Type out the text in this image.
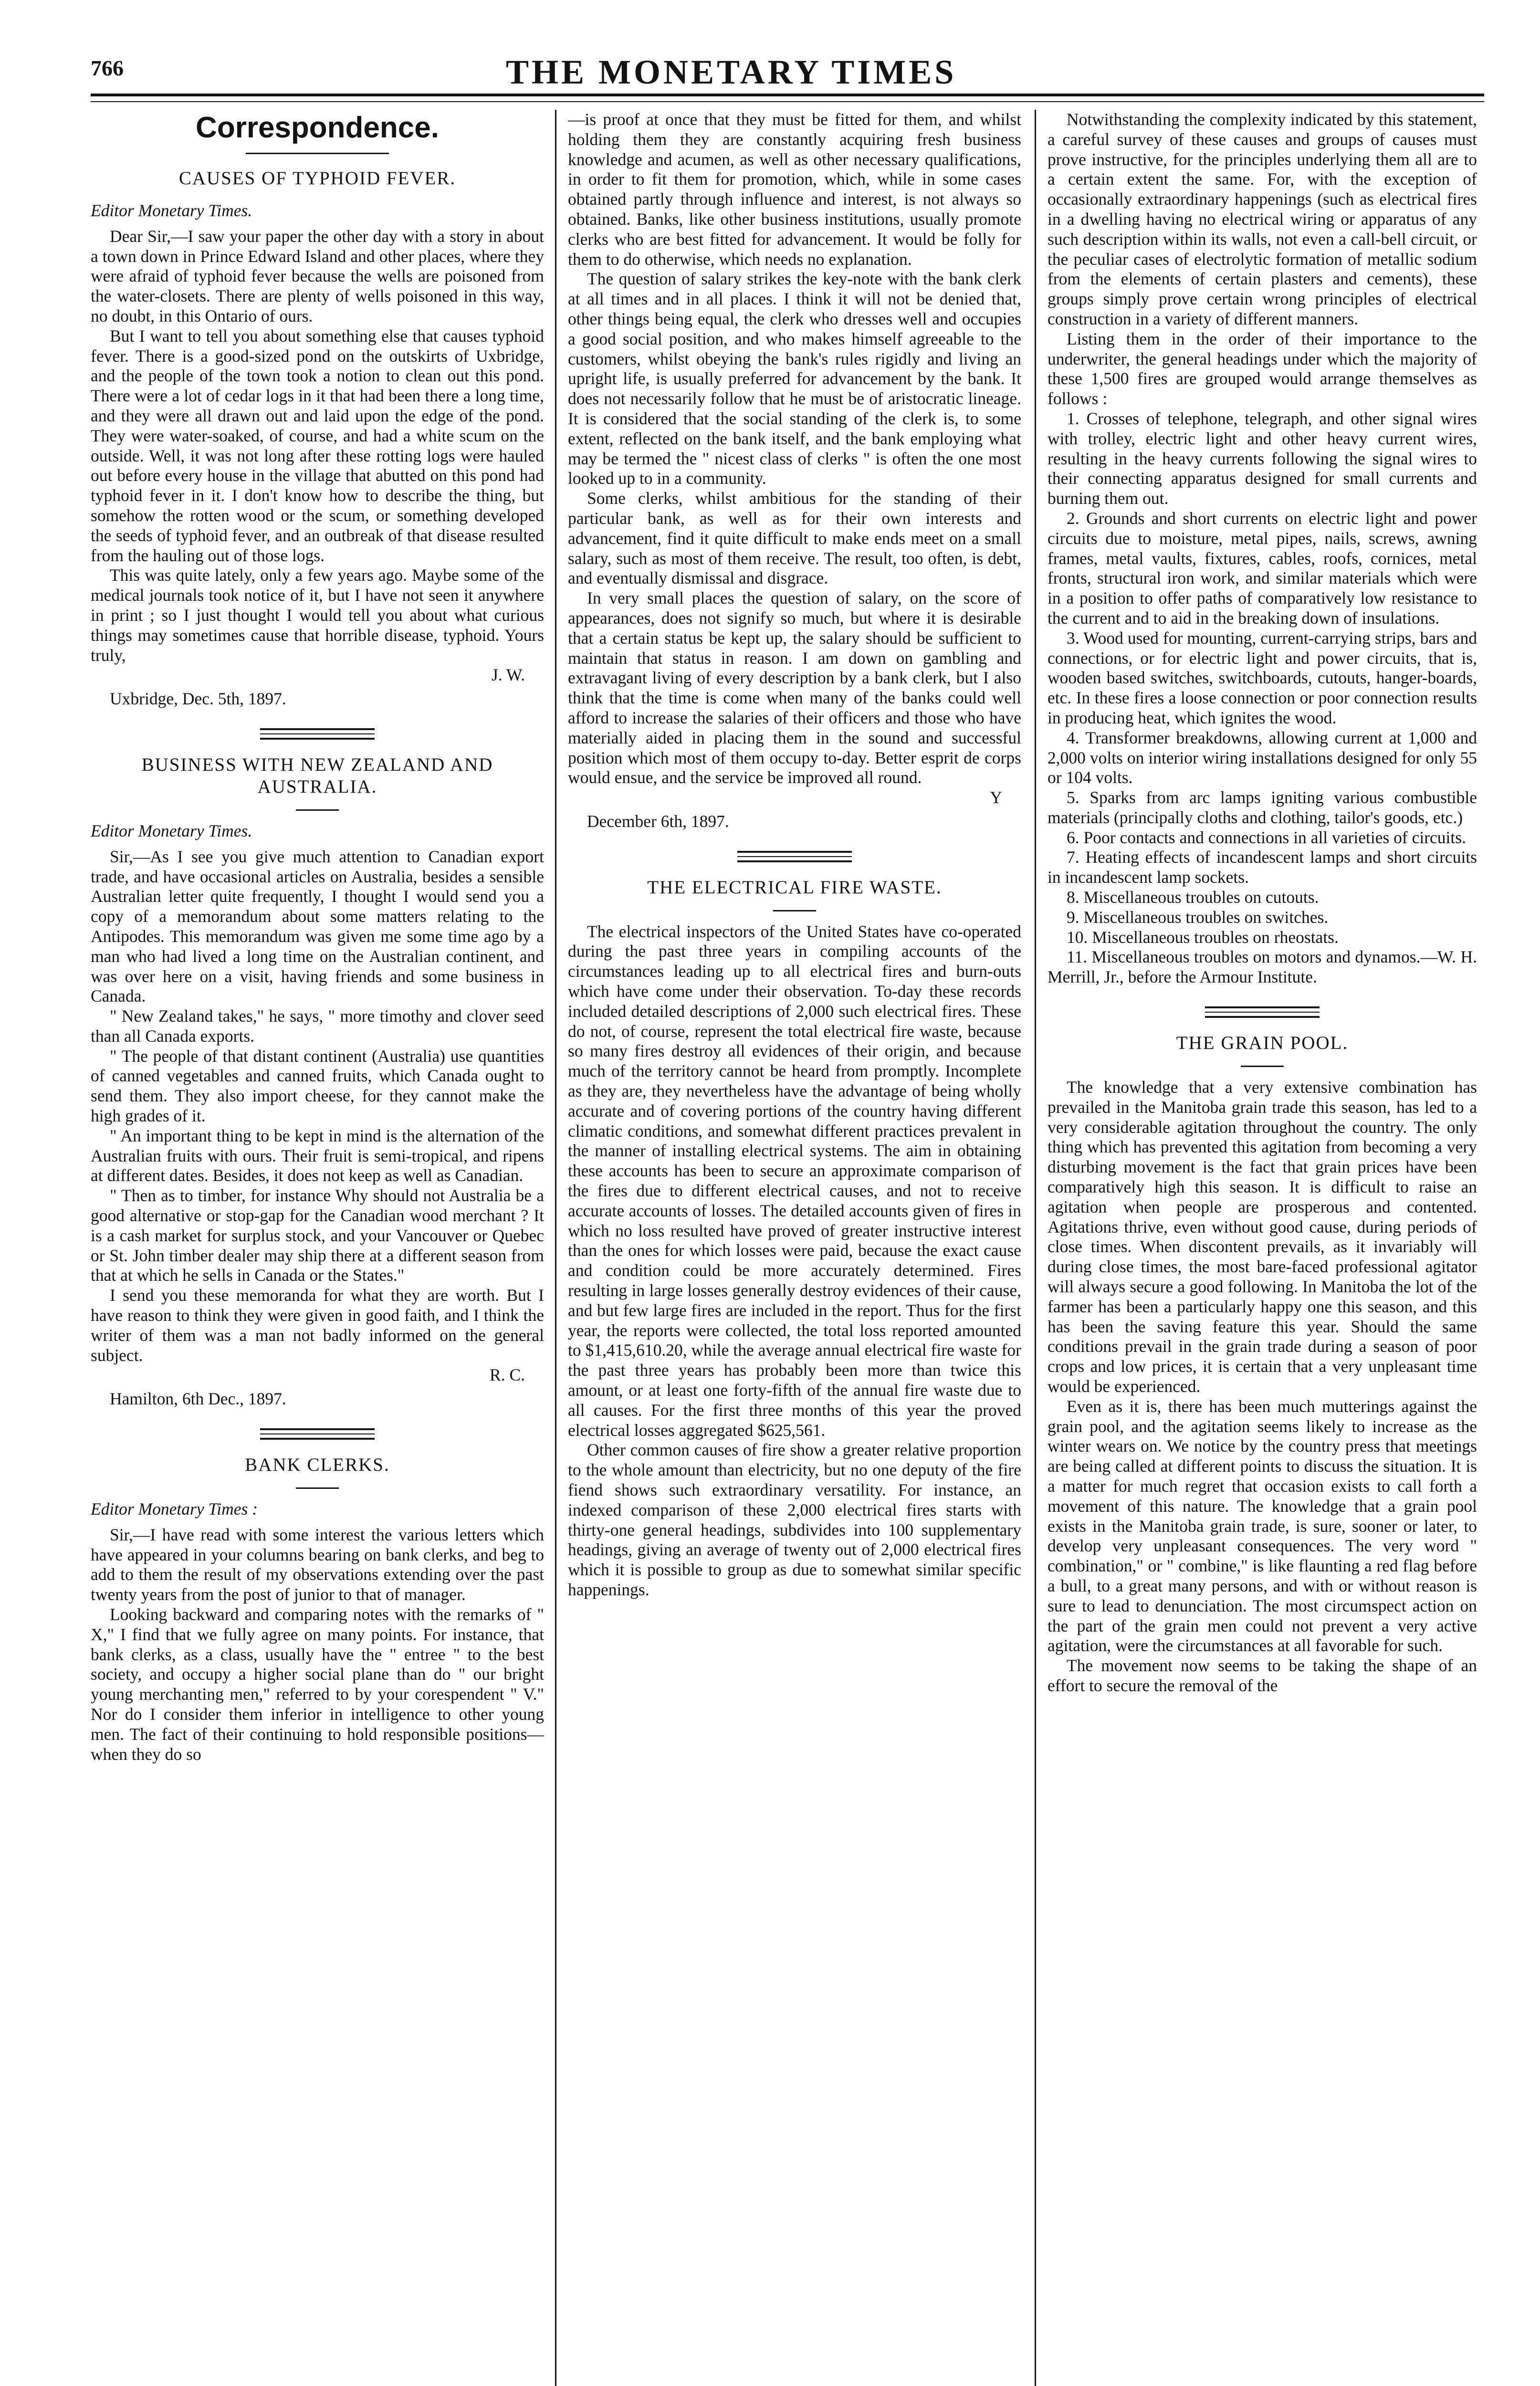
766	THE MONETARY TIMES
Correspondence.
CAUSES OF TYPHOID FEVER.

Editor Monetary Times.

Dear Sir,—I saw your paper the other day with a story in about a town down in Prince Edward Island and other places, where they were afraid of typhoid fever because the wells are poisoned from the water-closets. There are plenty of wells poisoned in this way, no doubt, in this Ontario of ours.

But I want to tell you about something else that causes typhoid fever. There is a good-sized pond on the outskirts of Uxbridge, and the people of the town took a notion to clean out this pond. There were a lot of cedar logs in it that had been there a long time, and they were all drawn out and laid upon the edge of the pond. They were water-soaked, of course, and had a white scum on the outside. Well, it was not long after these rotting logs were hauled out before every house in the village that abutted on this pond had typhoid fever in it. I don't know how to describe the thing, but somehow the rotten wood or the scum, or something developed the seeds of typhoid fever, and an outbreak of that disease resulted from the hauling out of those logs.

This was quite lately, only a few years ago. Maybe some of the medical journals took notice of it, but I have not seen it anywhere in print ; so I just thought I would tell you about what curious things may sometimes cause that horrible disease, typhoid. Yours truly,

J. W.

Uxbridge, Dec. 5th, 1897.

BUSINESS WITH NEW ZEALAND AND AUSTRALIA.

Editor Monetary Times.

Sir,—As I see you give much attention to Canadian export trade, and have occasional articles on Australia, besides a sensible Australian letter quite frequently, I thought I would send you a copy of a memorandum about some matters relating to the Antipodes. This memorandum was given me some time ago by a man who had lived a long time on the Australian continent, and was over here on a visit, having friends and some business in Canada.

" New Zealand takes," he says, " more timothy and clover seed than all Canada exports.

" The people of that distant continent (Australia) use quantities of canned vegetables and canned fruits, which Canada ought to send them. They also import cheese, for they cannot make the high grades of it.

" An important thing to be kept in mind is the alternation of the Australian fruits with ours. Their fruit is semi-tropical, and ripens at different dates. Besides, it does not keep as well as Canadian.

" Then as to timber, for instance Why should not Australia be a good alternative or stop-gap for the Canadian wood merchant ? It is a cash market for surplus stock, and your Vancouver or Quebec or St. John timber dealer may ship there at a different season from that at which he sells in Canada or the States."

I send you these memoranda for what they are worth. But I have reason to think they were given in good faith, and I think the writer of them was a man not badly informed on the general subject.

R. C.

Hamilton, 6th Dec., 1897.

BANK CLERKS.

Editor Monetary Times :

Sir,—I have read with some interest the various letters which have appeared in your columns bearing on bank clerks, and beg to add to them the result of my observations extending over the past twenty years from the post of junior to that of manager.

Looking backward and comparing notes with the remarks of " X," I find that we fully agree on many points. For instance, that bank clerks, as a class, usually have the " entree " to the best society, and occupy a higher social plane than do " our bright young merchanting men," referred to by your corespendent " V." Nor do I consider them inferior in intelligence to other young men. The fact of their continuing to hold responsible positions—when they do so

—is proof at once that they must be fitted for them, and whilst holding them they are constantly acquiring fresh business knowledge and acumen, as well as other necessary qualifications, in order to fit them for promotion, which, while in some cases obtained partly through influence and interest, is not always so obtained. Banks, like other business institutions, usually promote clerks who are best fitted for advancement. It would be folly for them to do otherwise, which needs no explanation.

The question of salary strikes the key-note with the bank clerk at all times and in all places. I think it will not be denied that, other things being equal, the clerk who dresses well and occupies a good social position, and who makes himself agreeable to the customers, whilst obeying the bank's rules rigidly and living an upright life, is usually preferred for advancement by the bank. It does not necessarily follow that he must be of aristocratic lineage. It is considered that the social standing of the clerk is, to some extent, reflected on the bank itself, and the bank employing what may be termed the " nicest class of clerks " is often the one most looked up to in a community.

Some clerks, whilst ambitious for the standing of their particular bank, as well as for their own interests and advancement, find it quite difficult to make ends meet on a small salary, such as most of them receive. The result, too often, is debt, and eventually dismissal and disgrace.

In very small places the question of salary, on the score of appearances, does not signify so much, but where it is desirable that a certain status be kept up, the salary should be sufficient to maintain that status in reason. I am down on gambling and extravagant living of every description by a bank clerk, but I also think that the time is come when many of the banks could well afford to increase the salaries of their officers and those who have materially aided in placing them in the sound and successful position which most of them occupy to-day. Better esprit de corps would ensue, and the service be improved all round.

Y

December 6th, 1897.

THE ELECTRICAL FIRE WASTE.

The electrical inspectors of the United States have co-operated during the past three years in compiling accounts of the circumstances leading up to all electrical fires and burn-outs which have come under their observation. To-day these records included detailed descriptions of 2,000 such electrical fires. These do not, of course, represent the total electrical fire waste, because so many fires destroy all evidences of their origin, and because much of the territory cannot be heard from promptly. Incomplete as they are, they nevertheless have the advantage of being wholly accurate and of covering portions of the country having different climatic conditions, and somewhat different practices prevalent in the manner of installing electrical systems. The aim in obtaining these accounts has been to secure an approximate comparison of the fires due to different electrical causes, and not to receive accurate accounts of losses. The detailed accounts given of fires in which no loss resulted have proved of greater instructive interest than the ones for which losses were paid, because the exact cause and condition could be more accurately determined. Fires resulting in large losses generally destroy evidences of their cause, and but few large fires are included in the report. Thus for the first year, the reports were collected, the total loss reported amounted to $1,415,610.20, while the average annual electrical fire waste for the past three years has probably been more than twice this amount, or at least one forty-fifth of the annual fire waste due to all causes. For the first three months of this year the proved electrical losses aggregated $625,561.

Other common causes of fire show a greater relative proportion to the whole amount than electricity, but no one deputy of the fire fiend shows such extraordinary versatility. For instance, an indexed comparison of these 2,000 electrical fires starts with thirty-one general headings, subdivides into 100 supplementary headings, giving an average of twenty out of 2,000 electrical fires which it is possible to group as due to somewhat similar specific happenings.

Notwithstanding the complexity indicated by this statement, a careful survey of these causes and groups of causes must prove instructive, for the principles underlying them all are to a certain extent the same. For, with the exception of occasionally extraordinary happenings (such as electrical fires in a dwelling having no electrical wiring or apparatus of any such description within its walls, not even a call-bell circuit, or the peculiar cases of electrolytic formation of metallic sodium from the elements of certain plasters and cements), these groups simply prove certain wrong principles of electrical construction in a variety of different manners.

Listing them in the order of their importance to the underwriter, the general headings under which the majority of these 1,500 fires are grouped would arrange themselves as follows :

1. Crosses of telephone, telegraph, and other signal wires with trolley, electric light and other heavy current wires, resulting in the heavy currents following the signal wires to their connecting apparatus designed for small currents and burning them out.

2. Grounds and short currents on electric light and power circuits due to moisture, metal pipes, nails, screws, awning frames, metal vaults, fixtures, cables, roofs, cornices, metal fronts, structural iron work, and similar materials which were in a position to offer paths of comparatively low resistance to the current and to aid in the breaking down of insulations.

3. Wood used for mounting, current-carrying strips, bars and connections, or for electric light and power circuits, that is, wooden based switches, switchboards, cutouts, hanger-boards, etc. In these fires a loose connection or poor connection results in producing heat, which ignites the wood.

4. Transformer breakdowns, allowing current at 1,000 and 2,000 volts on interior wiring installations designed for only 55 or 104 volts.

5. Sparks from arc lamps igniting various combustible materials (principally cloths and clothing, tailor's goods, etc.)

6. Poor contacts and connections in all varieties of circuits.

7. Heating effects of incandescent lamps and short circuits in incandescent lamp sockets.

8. Miscellaneous troubles on cutouts.

9. Miscellaneous troubles on switches.

10. Miscellaneous troubles on rheostats.

11. Miscellaneous troubles on motors and dynamos.—W. H. Merrill, Jr., before the Armour Institute.

THE GRAIN POOL.

The knowledge that a very extensive combination has prevailed in the Manitoba grain trade this season, has led to a very considerable agitation throughout the country. The only thing which has prevented this agitation from becoming a very disturbing movement is the fact that grain prices have been comparatively high this season. It is difficult to raise an agitation when people are prosperous and contented. Agitations thrive, even without good cause, during periods of close times. When discontent prevails, as it invariably will during close times, the most bare-faced professional agitator will always secure a good following. In Manitoba the lot of the farmer has been a particularly happy one this season, and this has been the saving feature this year. Should the same conditions prevail in the grain trade during a season of poor crops and low prices, it is certain that a very unpleasant time would be experienced.

Even as it is, there has been much mutterings against the grain pool, and the agitation seems likely to increase as the winter wears on. We notice by the country press that meetings are being called at different points to discuss the situation. It is a matter for much regret that occasion exists to call forth a movement of this nature. The knowledge that a grain pool exists in the Manitoba grain trade, is sure, sooner or later, to develop very unpleasant consequences. The very word " combination," or " combine," is like flaunting a red flag before a bull, to a great many persons, and with or without reason is sure to lead to denunciation. The most circumspect action on the part of the grain men could not prevent a very active agitation, were the circumstances at all favorable for such.

The movement now seems to be taking the shape of an effort to secure the removal of the
